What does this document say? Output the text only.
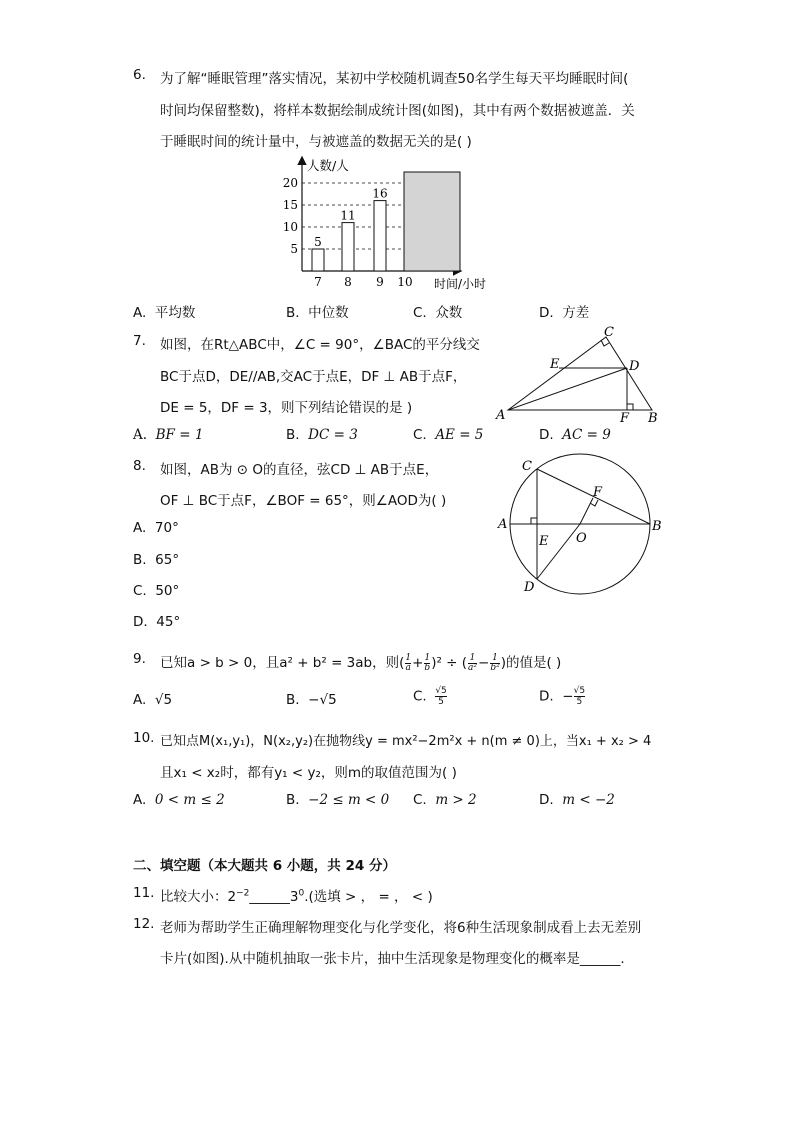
6. 为了解“睡眠管理”落实情况，某初中学校随机调查50名学生每天平均睡眠时间(
时间均保留整数)，将样本数据绘制成统计图(如图)，其中有两个数据被遮盖．关
于睡眠时间的统计量中，与被遮盖的数据无关的是( )
人数/人
时间/小时
5
10
15
20
5
7
11
8
16
9 10
A. 平均数	B. 中位数	C. 众数	D. 方差
7. 如图，在Rt△ABC中，∠C = 90°，∠BAC的平分线交
BC于点D，DE//AB,交AC于点E，DF ⊥ AB于点F，
DE = 5，DF = 3，则下列结论错误的是 )	A	B
C
D
E
F
A. BF = 1	B. DC = 3	C. AE = 5	D. AC = 9
8. 如图，AB为 ⊙ O的直径，弦CD ⊥ AB于点E，
OF ⊥ BC于点F，∠BOF = 65°，则∠AOD为( )
A. 70°
B. 65°
C. 50°
D. 45°
A	B
C
D
E
F
O
9. 已知a > b > 0，且a² + b² = 3ab，则( $\frac{1}{a} + \frac{1}{b} )^2$ ÷ ( $\frac{1}{\text{a²}} - \frac{1}{\text{b²}}$ )的值是( )
A. √5	B. −√5	C. $\frac{√5}{5}$	D. − $\frac{√5}{5}$
10. 已知点M(x₁,y₁)，N(x₂,y₂)在抛物线y = mx²−2m²x + n(m ≠ 0)上，当x₁ + x₂ > 4
且x₁ < x₂时，都有y₁ < y₂，则m的取值范围为( )
A. 0 < m ≤ 2	B. −2 ≤ m < 0 C. m > 2	D. m < −2
二、填空题（本大题共 6 小题，共 24 分）
11. 比较大小：$2^{-2}\_\_\_\_\_\_3^0$.(选填 > ， = ， < )
12. 老师为帮助学生正确理解物理变化与化学变化，将6种生活现象制成看上去无差别
卡片(如图).从中随机抽取一张卡片，抽中生活现象是物理变化的概率是______.
